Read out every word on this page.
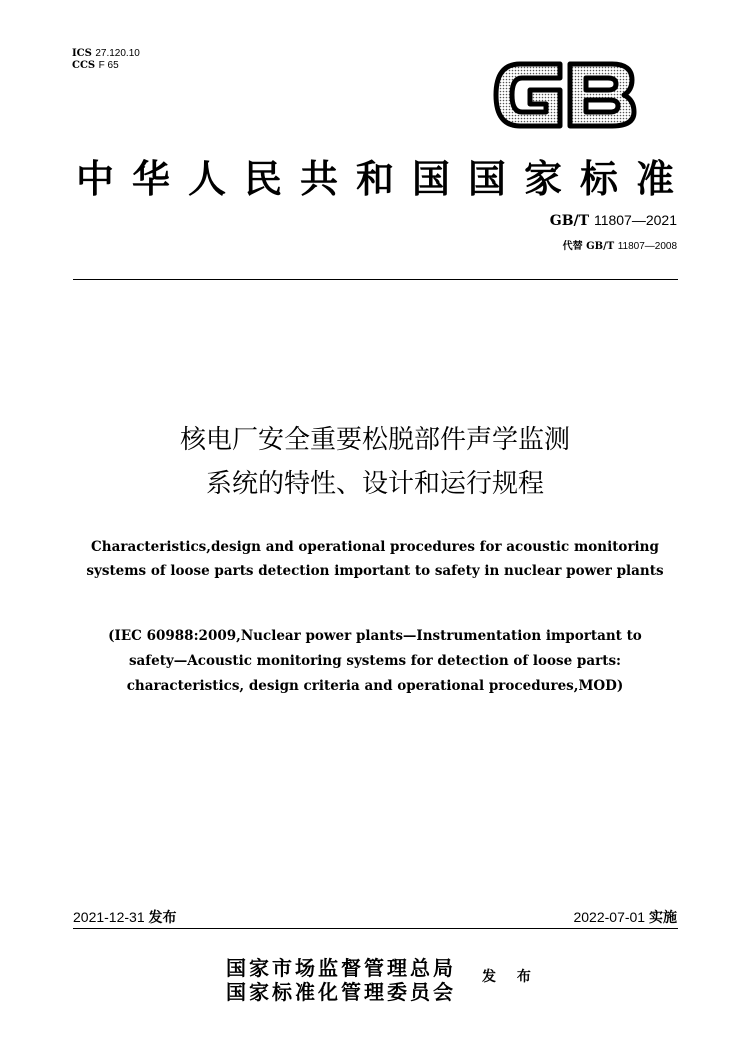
ICS 27.120.10
CCS F 65
中华人民共和国国家标准
GB/T 11807—2021
代替 GB/T 11807—2008
核电厂安全重要松脱部件声学监测
系统的特性、设计和运行规程
Characteristics,design and operational procedures for acoustic monitoring
systems of loose parts detection important to safety in nuclear power plants
(IEC 60988:2009,Nuclear power plants—Instrumentation important to
safety—Acoustic monitoring systems for detection of loose parts:
characteristics, design criteria and operational procedures,MOD)
2021-12-31 发布	2022-07-01 实施
国家市场监督管理总局
国家标准化管理委员会
发 布
